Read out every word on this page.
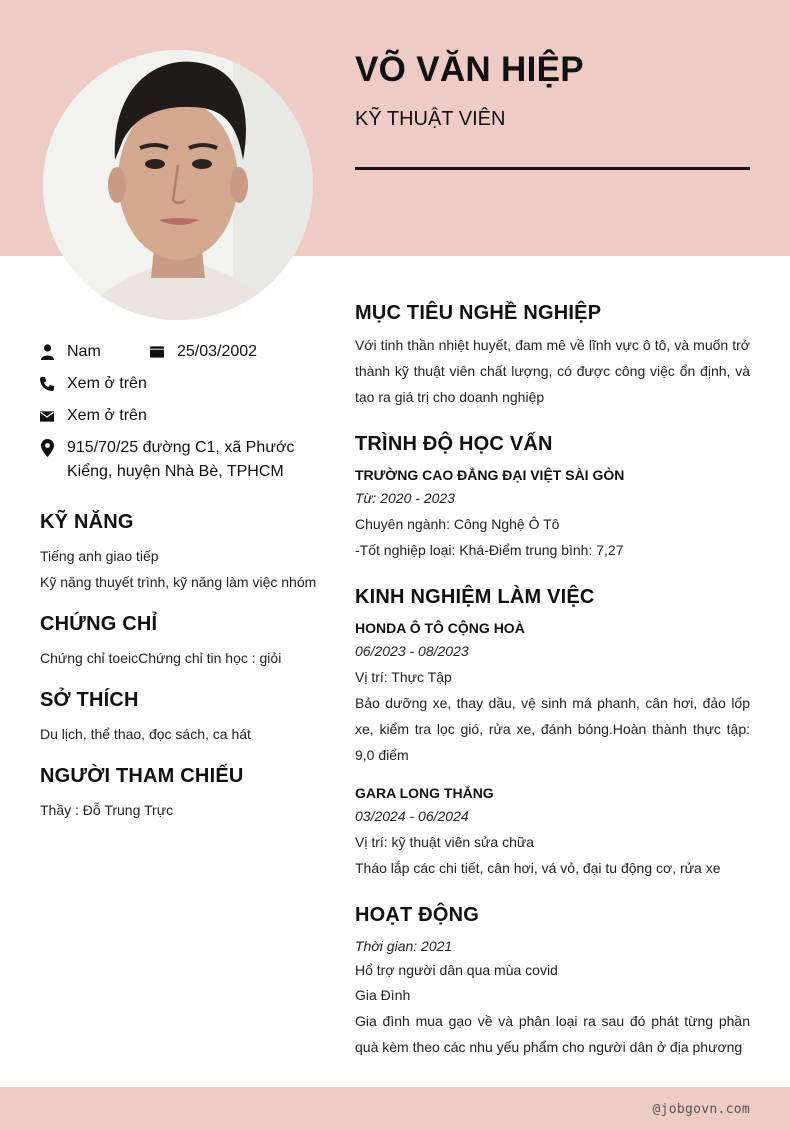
VÕ VĂN HIỆP
KỸ THUẬT VIÊN
Nam	25/03/2002
Xem ở trên
Xem ở trên
915/70/25 đường C1, xã Phước
Kiểng, huyện Nhà Bè, TPHCM
KỸ NĂNG
Tiếng anh giao tiếp
Kỹ năng thuyết trình, kỹ năng làm việc nhóm
CHỨNG CHỈ
Chứng chỉ toeicChứng chỉ tin học : giỏi
SỞ THÍCH
Du lịch, thể thao, đọc sách, ca hát
NGƯỜI THAM CHIẾU
Thầy : Đỗ Trung Trực
MỤC TIÊU NGHỀ NGHIỆP
Với tinh thần nhiệt huyết, đam mê về lĩnh vực ô tô, và muốn trở thành kỹ thuật viên chất lượng, có được công việc ổn định, và tạo ra giá trị cho doanh nghiệp
TRÌNH ĐỘ HỌC VẤN
TRƯỜNG CAO ĐẲNG ĐẠI VIỆT SÀI GÒN
Từ: 2020 - 2023
Chuyên ngành: Công Nghệ Ô Tô
-Tốt nghiệp loại: Khá-Điểm trung bình: 7,27
KINH NGHIỆM LÀM VIỆC
HONDA Ô TÔ CỘNG HOÀ
06/2023 - 08/2023
Vị trí: Thực Tập
Bảo dưỡng xe, thay dầu, vệ sinh má phanh, cân hơi, đảo lốp xe, kiểm tra lọc gió, rửa xe, đánh bóng.Hoàn thành thực tập: 9,0 điểm
GARA LONG THẮNG
03/2024 - 06/2024
Vị trí: kỹ thuật viên sửa chữa
Tháo lắp các chi tiết, cân hơi, vá vỏ, đại tu động cơ, rửa xe
HOẠT ĐỘNG
Thời gian: 2021
Hổ trợ người dân qua mùa covid
Gia Đình
Gia đình mua gạo về và phân loại ra sau đó phát từng phần quà kèm theo các nhu yếu phẩm cho người dân ở địa phương
@jobgovn.com
